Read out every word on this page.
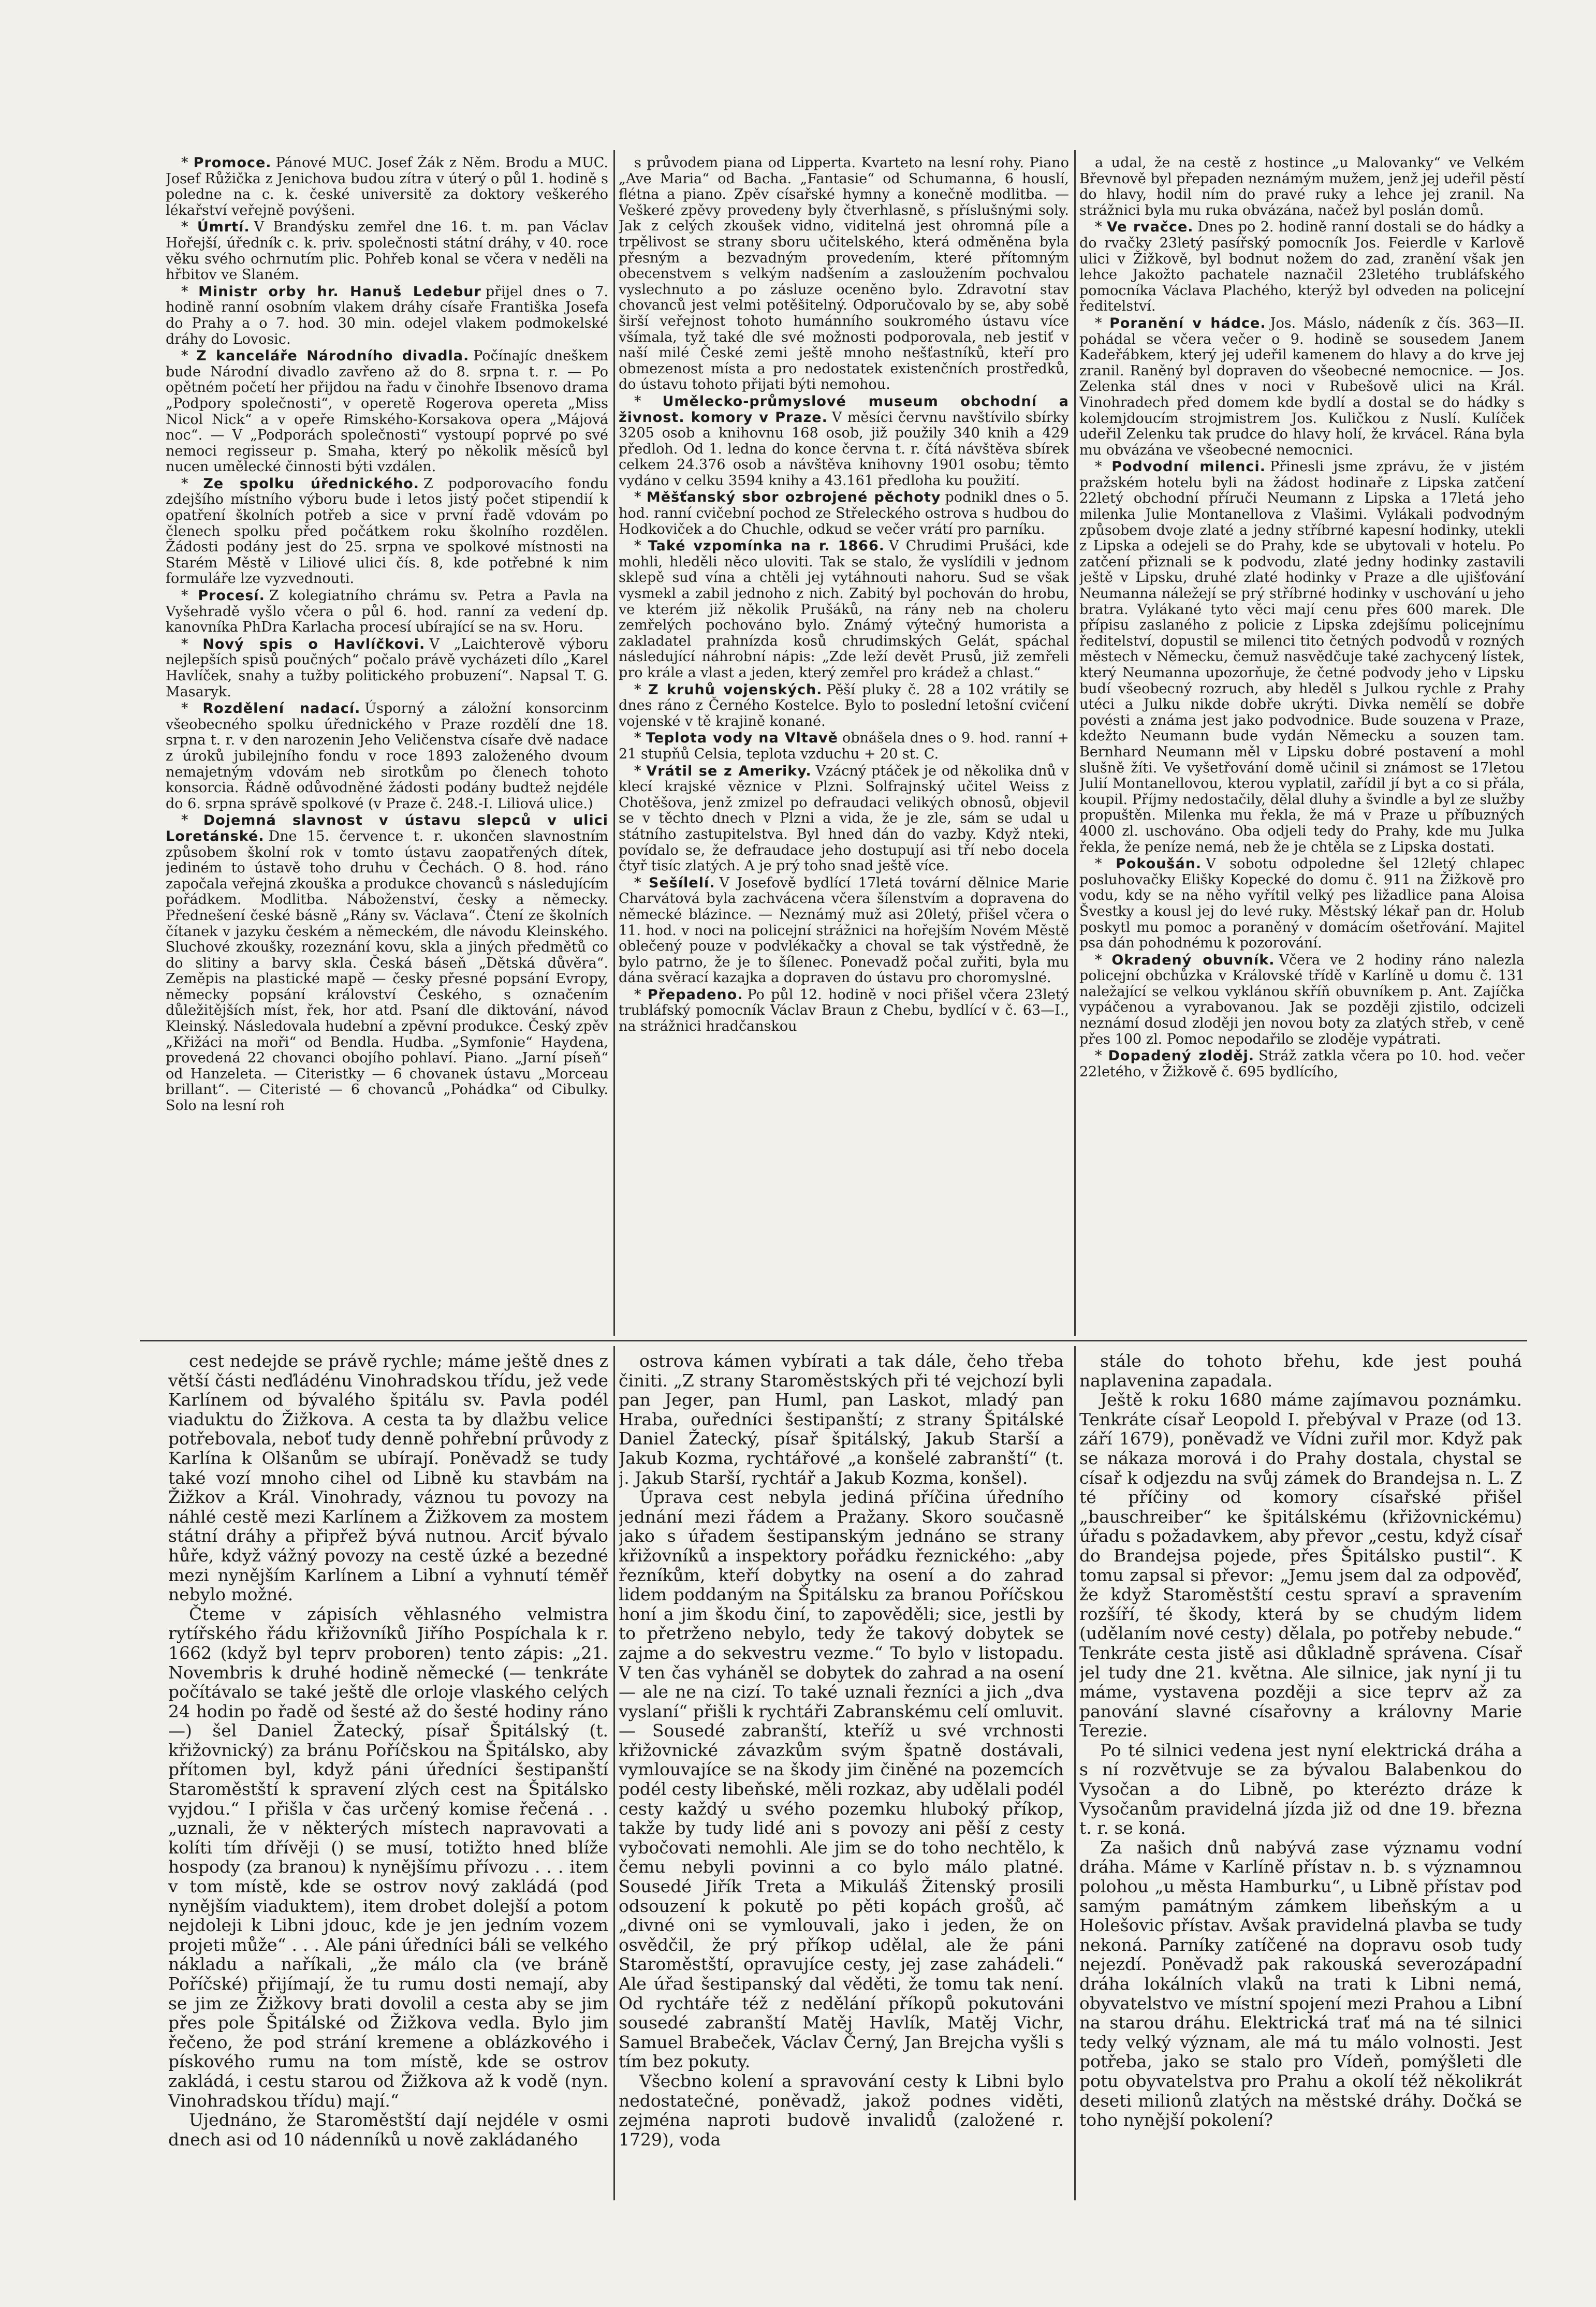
* Promoce. Pánové MUC. Josef Žák z Něm. Brodu a MUC. Josef Růžička z Jenichova budou zítra v úterý o půl 1. hodině s poledne na c. k. české universitě za doktory veškerého lékařství veřejně povýšeni.

* Úmrtí. V Brandýsku zemřel dne 16. t. m. pan Václav Hořejší, úředník c. k. priv. společnosti státní dráhy, v 40. roce věku svého ochrnutím plic. Pohřeb konal se včera v neděli na hřbitov ve Slaném.

* Ministr orby hr. Hanuš Ledebur přijel dnes o 7. hodině ranní osobním vlakem dráhy císaře Františka Josefa do Prahy a o 7. hod. 30 min. odejel vlakem podmokelské dráhy do Lovosic.

* Z kanceláře Národního divadla. Počínajíc dneškem bude Národní divadlo zavřeno až do 8. srpna t. r. — Po opětném početí her přijdou na řadu v činohře Ibsenovo drama „Podpory společnosti“, v operetě Rogerova opereta „Miss Nicol Nick“ a v opeře Rimského-Korsakova opera „Májová noc“. — V „Podporách společnosti“ vystoupí poprvé po své nemoci regisseur p. Smaha, který po několik měsíců byl nucen umělecké činnosti býti vzdálen.

* Ze spolku úřednického. Z podporovacího fondu zdejšího místního výboru bude i letos jistý počet stipendií k opatření školních potřeb a sice v první řadě vdovám po členech spolku před počátkem roku školního rozdělen. Žádosti podány jest do 25. srpna ve spolkové místnosti na Starém Městě v Liliové ulici čís. 8, kde potřebné k nim formuláře lze vyzvednouti.

* Procesí. Z kolegiatního chrámu sv. Petra a Pavla na Vyšehradě vyšlo včera o půl 6. hod. ranní za vedení dp. kanovníka PhDra Karlacha procesí ubírající se na sv. Horu.

* Nový spis o Havlíčkovi. V „Laichterově výboru nejlepších spisů poučných“ počalo právě vycházeti dílo „Karel Havlíček, snahy a tužby politického probuzení“. Napsal T. G. Masaryk.

* Rozdělení nadací. Úsporný a záložní konsorcinm všeobecného spolku úřednického v Praze rozdělí dne 18. srpna t. r. v den narozenin Jeho Veličenstva císaře dvě nadace z úroků jubilejního fondu v roce 1893 založeného dvoum nemajetným vdovám neb sirotkům po členech tohoto konsorcia. Řádně odůvodněné žádosti podány budtež nejdéle do 6. srpna správě spolkové (v Praze č. 248.-I. Liliová ulice.)

* Dojemná slavnost v ústavu slepců v ulici Loretánské. Dne 15. července t. r. ukončen slavnostním způsobem školní rok v tomto ústavu zaopatřených dítek, jediném to ústavě toho druhu v Čechách. O 8. hod. ráno započala veřejná zkouška a produkce chovanců s následujícím pořádkem. Modlitba. Náboženství, česky a německy. Přednešení české básně „Rány sv. Václava“. Čtení ze školních čítanek v jazyku českém a německém, dle návodu Kleinského. Sluchové zkoušky, rozeznání kovu, skla a jiných předmětů co do slitiny a barvy skla. Česká báseň „Dětská důvěra“. Zeměpis na plastické mapě — česky přesné popsání Evropy, německy popsání království Českého, s označením důležitějších míst, řek, hor atd. Psaní dle diktování, návod Kleinský. Následovala hudební a zpěvní produkce. Český zpěv „Křižáci na moři“ od Bendla. Hudba. „Symfonie“ Haydena, provedená 22 chovanci obojího pohlaví. Piano. „Jarní píseň“ od Hanzeleta. — Citeristky — 6 chovanek ústavu „Morceau brillant“. — Citeristé — 6 chovanců „Pohádka“ od Cibulky. Solo na lesní roh

s průvodem piana od Lipperta. Kvarteto na lesní rohy. Piano „Ave Maria“ od Bacha. „Fantasie“ od Schumanna, 6 houslí, flétna a piano. Zpěv císařské hymny a konečně modlitba. — Veškeré zpěvy provedeny byly čtverhlasně, s příslušnými soly. Jak z celých zkoušek vidno, viditelná jest ohromná píle a trpělivost se strany sboru učitelského, která odměněna byla přesným a bezvadným provedením, které přítomným obecenstvem s velkým nadšením a zasloužením pochvalou vyslechnuto a po zásluze oceněno bylo. Zdravotní stav chovanců jest velmi potěšitelný. Odporučovalo by se, aby sobě širší veřejnost tohoto humánního soukromého ústavu více všímala, tyž také dle své možnosti podporovala, neb jestiť v naší milé České zemi ještě mnoho nešťastníků, kteří pro obmezenost místa a pro nedostatek existenčních prostředků, do ústavu tohoto přijati býti nemohou.

* Umělecko-průmyslové museum obchodní a živnost. komory v Praze. V měsíci červnu navštívilo sbírky 3205 osob a knihovnu 168 osob, již použily 340 knih a 429 předloh. Od 1. ledna do konce června t. r. čítá návštěva sbírek celkem 24.376 osob a návštěva knihovny 1901 osobu; těmto vydáno v celku 3594 knihy a 43.161 předloha ku použití.

* Měšťanský sbor ozbrojené pěchoty podnikl dnes o 5. hod. ranní cvičební pochod ze Střeleckého ostrova s hudbou do Hodkoviček a do Chuchle, odkud se večer vrátí pro parníku.

* Také vzpomínka na r. 1866. V Chrudimi Prušáci, kde mohli, hleděli něco uloviti. Tak se stalo, že vyslídili v jednom sklepě sud vína a chtěli jej vytáhnouti nahoru. Sud se však vysmekl a zabil jednoho z nich. Zabitý byl pochován do hrobu, ve kterém již několik Prušáků, na rány neb na choleru zemřelých pochováno bylo. Známý výtečný humorista a zakladatel prahnízda kosů chrudimských Gelát, spáchal následující náhrobní nápis: „Zde leží devět Prusů, již zemřeli pro krále a vlast a jeden, který zemřel pro krádež a chlast.“

* Z kruhů vojenských. Pěší pluky č. 28 a 102 vrátily se dnes ráno z Černého Kostelce. Bylo to poslední letošní cvičení vojenské v tě krajině konané.

* Teplota vody na Vltavě obnášela dnes o 9. hod. ranní + 21 stupňů Celsia, teplota vzduchu + 20 st. C.

* Vrátil se z Ameriky. Vzácný ptáček je od několika dnů v klecí krajské věznice v Plzni. Solfrajnský učitel Weiss z Chotěšova, jenž zmizel po defraudaci velikých obnosů, objevil se v těchto dnech v Plzni a vida, že je zle, sám se udal u státního zastupitelstva. Byl hned dán do vazby. Když nteki, povídalo se, že defraudace jeho dostupují asi tří nebo docela čtyř tisíc zlatých. A je prý toho snad ještě více.

* Sešílelí. V Josefově bydlící 17letá tovární dělnice Marie Charvátová byla zachvácena včera šílenstvím a dopravena do německé blázince. — Neznámý muž asi 20letý, přišel včera o 11. hod. v noci na policejní strážnici na hořejším Novém Městě oblečený pouze v podvlékačky a choval se tak výstředně, že bylo patrno, že je to šílenec. Ponevadž počal zuřiti, byla mu dána svěrací kazajka a dopraven do ústavu pro choromyslné.

* Přepadeno. Po půl 12. hodině v noci přišel včera 23letý trubláfský pomocník Václav Braun z Chebu, bydlící v č. 63—I., na strážnici hradčanskou

a udal, že na cestě z hostince „u Malovanky“ ve Velkém Břevnově byl přepaden neznámým mužem, jenž jej udeřil pěstí do hlavy, hodil ním do pravé ruky a lehce jej zranil. Na strážnici byla mu ruka obvázána, načež byl poslán domů.

* Ve rvačce. Dnes po 2. hodině ranní dostali se do hádky a do rvačky 23letý pasířský pomocník Jos. Feierdle v Karlově ulici v Žižkově, byl bodnut nožem do zad, zranění však jen lehce Jakožto pachatele naznačil 23letého trubláfského pomocníka Václava Plachého, kterýž byl odveden na policejní ředitelství.

* Poranění v hádce. Jos. Máslo, nádeník z čís. 363—II. pohádal se včera večer o 9. hodině se sousedem Janem Kadeřábkem, který jej udeřil kamenem do hlavy a do krve jej zranil. Raněný byl dopraven do všeobecné nemocnice. — Jos. Zelenka stál dnes v noci v Rubešově ulici na Král. Vinohradech před domem kde bydlí a dostal se do hádky s kolemjdoucím strojmistrem Jos. Kuličkou z Nuslí. Kulíček udeřil Zelenku tak prudce do hlavy holí, že krvácel. Rána byla mu obvázána ve všeobecné nemocnici.

* Podvodní milenci. Přinesli jsme zprávu, že v jistém pražském hotelu byli na žádost hodinaře z Lipska zatčení 22letý obchodní příruči Neumann z Lipska a 17letá jeho milenka Julie Montanellova z Vlašimi. Vylákali podvodným způsobem dvoje zlaté a jedny stříbrné kapesní hodinky, utekli z Lipska a odejeli se do Prahy, kde se ubytovali v hotelu. Po zatčení přiznali se k podvodu, zlaté jedny hodinky zastavili ještě v Lipsku, druhé zlaté hodinky v Praze a dle ujišťování Neumanna náležejí se prý stříbrné hodinky v uschování u jeho bratra. Vylákané tyto věci mají cenu přes 600 marek. Dle přípisu zaslaného z policie z Lipska zdejšímu policejnímu ředitelství, dopustil se milenci tito četných podvodů v rozných městech v Německu, čemuž nasvědčuje také zachycený lístek, který Neumanna upozorňuje, že četné podvody jeho v Lipsku budí všeobecný rozruch, aby hleděl s Julkou rychle z Prahy utéci a Julku nikde dobře ukrýti. Divka nemělí se dobře povésti a známa jest jako podvodnice. Bude souzena v Praze, kdežto Neumann bude vydán Německu a souzen tam. Bernhard Neumann měl v Lipsku dobré postavení a mohl slušně žíti. Ve vyšetřování domě učinil si známost se 17letou Julií Montanellovou, kterou vyplatil, zařídil jí byt a co si přála, koupil. Příjmy nedostačily, dělal dluhy a švindle a byl ze služby propuštěn. Milenka mu řekla, že má v Praze u příbuzných 4000 zl. uschováno. Oba odjeli tedy do Prahy, kde mu Julka řekla, že peníze nemá, neb že je chtěla se z Lipska dostati.

* Pokoušán. V sobotu odpoledne šel 12letý chlapec posluhovačky Elišky Kopecké do domu č. 911 na Žižkově pro vodu, kdy se na něho vyřítil velký pes ližadlice pana Aloisa Švestky a kousl jej do levé ruky. Městský lékař pan dr. Holub poskytl mu pomoc a poraněný v domácím ošetřování. Majitel psa dán pohodnému k pozorování.

* Okradený obuvník. Včera ve 2 hodiny ráno nalezla policejní obchůzka v Královské třídě v Karlíně u domu č. 131 naležající se velkou vyklánou skříň obuvníkem p. Ant. Zajíčka vypáčenou a vyrabovanou. Jak se později zjistilo, odcizeli neznámí dosud zloději jen novou boty za zlatých střeb, v ceně přes 100 zl. Pomoc nepodařilo se zloděje vypátrati.

* Dopadený zloděj. Stráž zatkla včera po 10. hod. večer 22letého, v Žižkově č. 695 bydlícího,

cest nedejde se právě rychle; máme ještě dnes z větší části neďládénu Vinohradskou třídu, jež vede Karlínem od bývalého špitálu sv. Pavla podél viaduktu do Žižkova. A cesta ta by dlažbu velice potřebovala, neboť tudy denně pohřební průvody z Karlína k Olšanům se ubírají. Poněvadž se tudy také vozí mnoho cihel od Libně ku stavbám na Žižkov a Král. Vinohrady, váznou tu povozy na náhlé cestě mezi Karlínem a Žižkovem za mostem státní dráhy a připřež bývá nutnou. Arciť bývalo hůře, když vážný povozy na cestě úzké a bezedné mezi nynějším Karlínem a Libní a vyhnutí téměř nebylo možné.

Čteme v zápisích věhlasného velmistra rytířského řádu křižovníků Jiřího Pospíchala k r. 1662 (když byl teprv proboren) tento zápis: „21. Novembris k druhé hodině německé (— tenkráte počítávalo se také ještě dle orloje vlaského celých 24 hodin po řadě od šesté až do šesté hodiny ráno —) šel Daniel Žatecký, písař Špitálský (t. křižovnický) za bránu Poříčskou na Špitálsko, aby přítomen byl, když páni úředníci šestipanští Staroměstští k spravení zlých cest na Špitálsko vyjdou.“ I přišla v čas určený komise řečená . . „uznali, že v některých místech napravovati a kolíti tím dřívěji () se musí, totižto hned blíže hospody (za branou) k nynějšímu přívozu . . . item v tom místě, kde se ostrov nový zakládá (pod nynějším viaduktem), item drobet dolejší a potom nejdoleji k Libni jdouc, kde je jen jedním vozem projeti může“ . . . Ale páni úředníci báli se velkého nákladu a naříkali, „že málo cla (ve bráně Poříčské) přijímají, že tu rumu dosti nemají, aby se jim ze Žižkovy brati dovolil a cesta aby se jim přes pole Špitálské od Žižkova vedla. Bylo jim řečeno, že pod strání kremene a oblázkového i pískového rumu na tom místě, kde se ostrov zakládá, i cestu starou od Žižkova až k vodě (nyn. Vinohradskou třídu) mají.“

Ujednáno, že Staroměstští dají nejdéle v osmi dnech asi od 10 nádenníků u nově zakládaného

ostrova kámen vybírati a tak dále, čeho třeba činiti. „Z strany Staroměstských při té vejchozí byli pan Jeger, pan Huml, pan Laskot, mladý pan Hraba, ouředníci šestipanští; z strany Špitálské Daniel Žatecký, písař špitálský, Jakub Starší a Jakub Kozma, rychtářové „a konšelé zabranští“ (t. j. Jakub Starší, rychtář a Jakub Kozma, konšel).

Úprava cest nebyla jediná příčina úředního jednání mezi řádem a Pražany. Skoro současně jako s úřadem šestipanským jednáno se strany křižovníků a inspektory pořádku řeznického: „aby řezníkům, kteří dobytky na osení a do zahrad lidem poddaným na Špitálsku za branou Poříčskou honí a jim škodu činí, to zapověděli; sice, jestli by to přetrženo nebylo, tedy že takový dobytek se zajme a do sekvestru vezme.“ To bylo v listopadu. V ten čas vyháněl se dobytek do zahrad a na osení — ale ne na cizí. To také uznali řezníci a jich „dva vyslaní“ přišli k rychtáři Zabranskému celí omluvit. — Sousedé zabranští, kteříž u své vrchnosti křižovnické závazkům svým špatně dostávali, vymlouvajíce se na škody jim činěné na pozemcích podél cesty libeňské, měli rozkaz, aby udělali podél cesty každý u svého pozemku hluboký příkop, takže by tudy lidé ani s povozy ani pěší z cesty vybočovati nemohli. Ale jim se do toho nechtělo, k čemu nebyli povinni a co bylo málo platné. Sousedé Jiřík Treta a Mikuláš Žitenský prosili odsouzení k pokutě po pěti kopách grošů, ač „divné oni se vymlouvali, jako i jeden, že on osvědčil, že prý příkop udělal, ale že páni Staroměstští, opravujíce cesty, jej zase zahádeli.“ Ale úřad šestipanský dal věděti, že tomu tak není. Od rychtáře též z nedělání příkopů pokutováni sousedé zabranští Matěj Havlík, Matěj Vichr, Samuel Brabeček, Václav Černý, Jan Brejcha vyšli s tím bez pokuty.

Všecbno kolení a spravování cesty k Libni bylo nedostatečné, poněvadž, jakož podnes viděti, zejména naproti budově invalidů (založené r. 1729), voda

stále do tohoto břehu, kde jest pouhá naplavenina zapadala.

Ještě k roku 1680 máme zajímavou poznámku. Tenkráte císař Leopold I. přebýval v Praze (od 13. září 1679), poněvadž ve Vídni zuřil mor. Když pak se nákaza morová i do Prahy dostala, chystal se císař k odjezdu na svůj zámek do Brandejsa n. L. Z té příčiny od komory císařské přišel „bauschreiber“ ke špitálskému (křižovnickému) úřadu s požadavkem, aby převor „cestu, když císař do Brandejsa pojede, přes Špitálsko pustil“. K tomu zapsal si převor: „Jemu jsem dal za odpověď, že když Staroměstští cestu spraví a spravením rozšíří, té škody, která by se chudým lidem (udělaním nové cesty) dělala, po potřeby nebude.“ Tenkráte cesta jistě asi důkladně správena. Císař jel tudy dne 21. května. Ale silnice, jak nyní ji tu máme, vystavena později a sice teprv až za panování slavné císařovny a královny Marie Terezie.

Po té silnici vedena jest nyní elektrická dráha a s ní rozvětvuje se za bývalou Balabenkou do Vysočan a do Libně, po kterézto dráze k Vysočanům pravidelná jízda již od dne 19. března t. r. se koná.

Za našich dnů nabývá zase významu vodní dráha. Máme v Karlíně přístav n. b. s významnou polohou „u města Hamburku“, u Libně přístav pod samým památným zámkem libeňským a u Holešovic přístav. Avšak pravidelná plavba se tudy nekoná. Parníky zatíčené na dopravu osob tudy nejezdí. Poněvadž pak rakouská severozápadní dráha lokálních vlaků na trati k Libni nemá, obyvatelstvo ve místní spojení mezi Prahou a Libní na starou dráhu. Elektrická trať má na té silnici tedy velký význam, ale má tu málo volnosti. Jest potřeba, jako se stalo pro Vídeň, pomýšleti dle potu obyvatelstva pro Prahu a okolí též několikrát deseti milionů zlatých na městské dráhy. Dočká se toho nynější pokolení?
